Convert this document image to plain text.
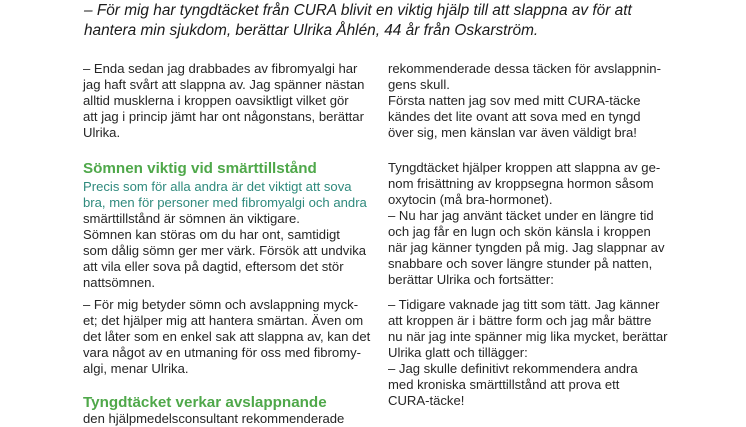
– För mig har tyngdtäcket från CURA blivit en viktig hjälp till att slappna av för att
hantera min sjukdom, berättar Ulrika Åhlén, 44 år från Oskarström.
– Enda sedan jag drabbades av fibromyalgi har
jag haft svårt att slappna av. Jag spänner nästan
alltid musklerna i kroppen oavsiktligt vilket gör
att jag i princip jämt har ont någonstans, berättar
Ulrika.
Sömnen viktig vid smärttillstånd
Precis som för alla andra är det viktigt att sova
bra, men för personer med fibromyalgi och andra
smärttillstånd är sömnen än viktigare.
Sömnen kan störas om du har ont, samtidigt
som dålig sömn ger mer värk. Försök att undvika
att vila eller sova på dagtid, eftersom det stör
nattsömnen.
– För mig betyder sömn och avslappning myck-
et; det hjälper mig att hantera smärtan. Även om
det låter som en enkel sak att slappna av, kan det
vara något av en utmaning för oss med fibromy-
algi, menar Ulrika.
Tyngdtäcket verkar avslappnande
den hjälpmedelsconsultant rekommenderade
rekommenderade dessa täcken för avslappnin-
gens skull.
Första natten jag sov med mitt CURA-täcke
kändes det lite ovant att sova med en tyngd
över sig, men känslan var även väldigt bra!
Tyngdtäcket hjälper kroppen att slappna av ge-
nom frisättning av kroppsegna hormon såsom
oxytocin (må bra-hormonet).
– Nu har jag använt täcket under en längre tid
och jag får en lugn och skön känsla i kroppen
när jag känner tyngden på mig. Jag slappnar av
snabbare och sover längre stunder på natten,
berättar Ulrika och fortsätter:
– Tidigare vaknade jag titt som tätt. Jag känner
att kroppen är i bättre form och jag mår bättre
nu när jag inte spänner mig lika mycket, berättar
Ulrika glatt och tillägger:
– Jag skulle definitivt rekommendera andra
med kroniska smärttillstånd att prova ett
CURA-täcke!
